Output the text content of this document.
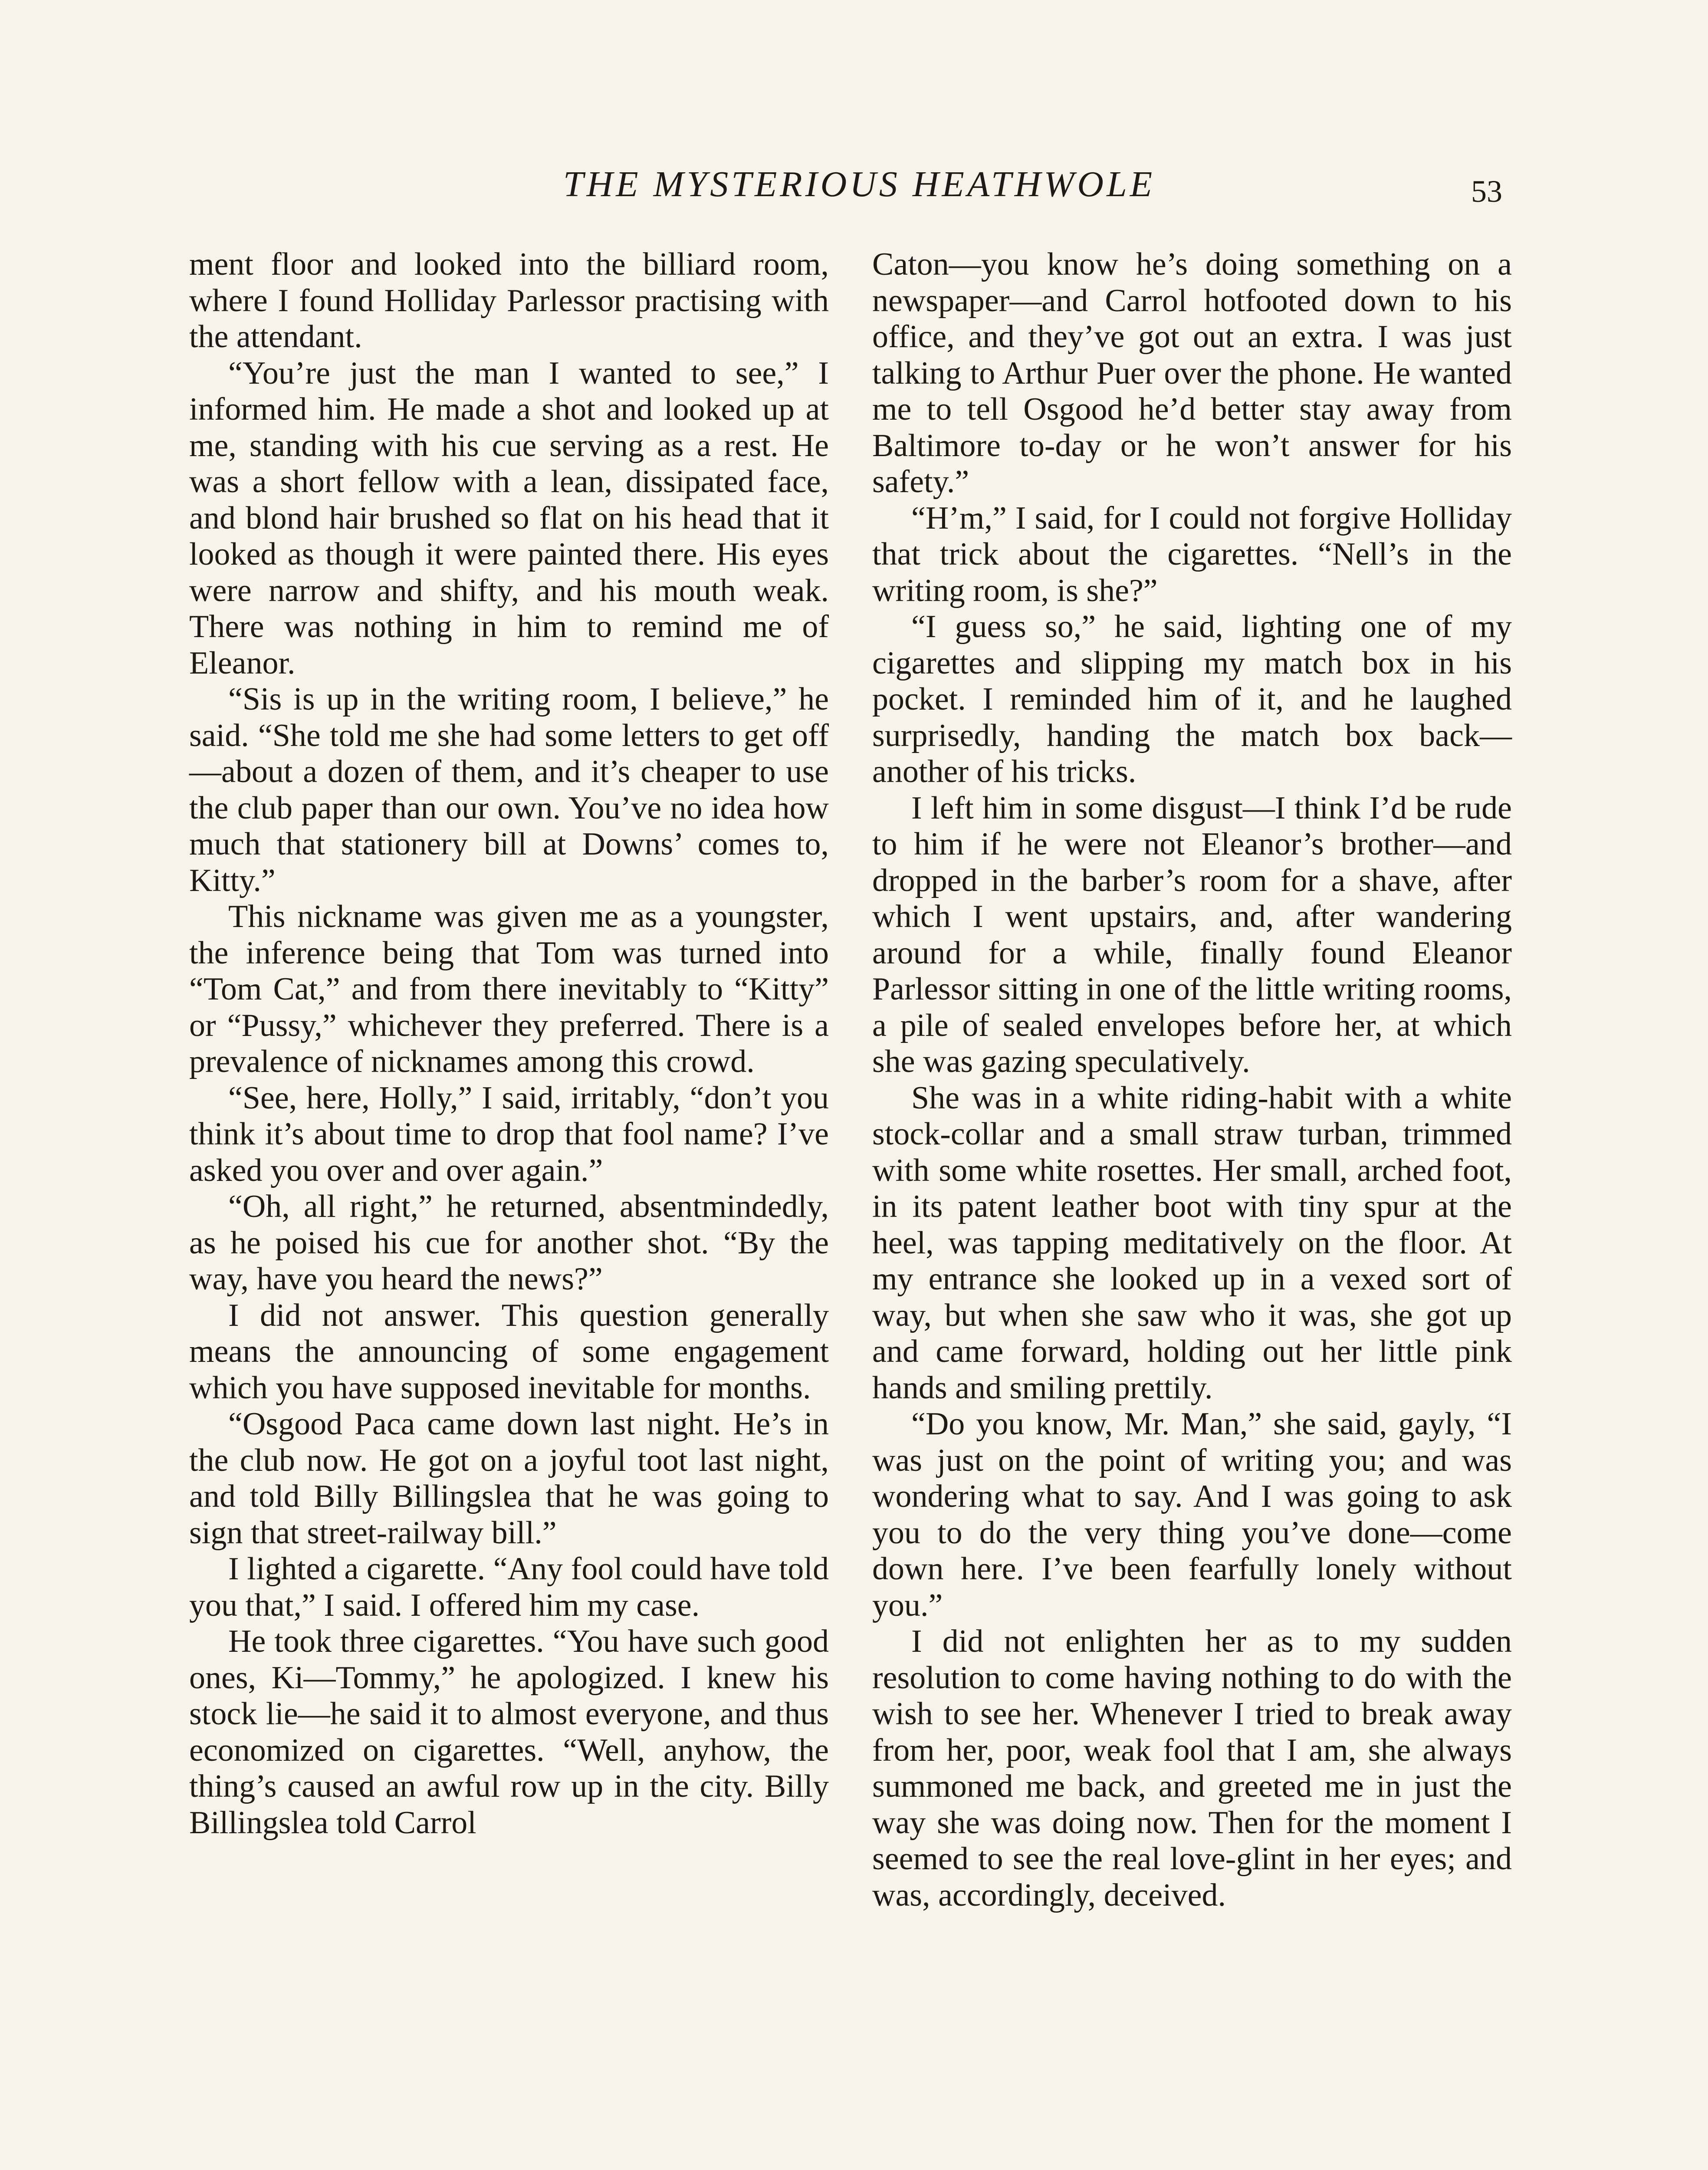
THE MYSTERIOUS HEATHWOLE	53

ment floor and looked into the billiard room, where I found Holliday Parlessor practising with the attendant.

“You’re just the man I wanted to see,” I informed him. He made a shot and looked up at me, standing with his cue serving as a rest. He was a short fellow with a lean, dissipated face, and blond hair brushed so flat on his head that it looked as though it were painted there. His eyes were narrow and shifty, and his mouth weak. There was nothing in him to remind me of Eleanor.

“Sis is up in the writing room, I believe,” he said. “She told me she had some letters to get off—about a dozen of them, and it’s cheaper to use the club paper than our own. You’ve no idea how much that stationery bill at Downs’ comes to, Kitty.”

This nickname was given me as a youngster, the inference being that Tom was turned into “Tom Cat,” and from there inevitably to “Kitty” or “Pussy,” whichever they preferred. There is a prevalence of nicknames among this crowd.

“See, here, Holly,” I said, irritably, “don’t you think it’s about time to drop that fool name? I’ve asked you over and over again.”

“Oh, all right,” he returned, absentmindedly, as he poised his cue for another shot. “By the way, have you heard the news?”

I did not answer. This question generally means the announcing of some engagement which you have supposed inevitable for months.

“Osgood Paca came down last night. He’s in the club now. He got on a joyful toot last night, and told Billy Billingslea that he was going to sign that street-railway bill.”

I lighted a cigarette. “Any fool could have told you that,” I said. I offered him my case.

He took three cigarettes. “You have such good ones, Ki—Tommy,” he apologized. I knew his stock lie—he said it to almost everyone, and thus economized on cigarettes. “Well, anyhow, the thing’s caused an awful row up in the city. Billy Billingslea told Carrol

Caton—you know he’s doing something on a newspaper—and Carrol hotfooted down to his office, and they’ve got out an extra. I was just talking to Arthur Puer over the phone. He wanted me to tell Osgood he’d better stay away from Baltimore to-day or he won’t answer for his safety.”

“H’m,” I said, for I could not forgive Holliday that trick about the cigarettes. “Nell’s in the writing room, is she?”

“I guess so,” he said, lighting one of my cigarettes and slipping my match box in his pocket. I reminded him of it, and he laughed surprisedly, handing the match box back—another of his tricks.

I left him in some disgust—I think I’d be rude to him if he were not Eleanor’s brother—and dropped in the barber’s room for a shave, after which I went upstairs, and, after wandering around for a while, finally found Eleanor Parlessor sitting in one of the little writing rooms, a pile of sealed envelopes before her, at which she was gazing speculatively.

She was in a white riding-habit with a white stock-collar and a small straw turban, trimmed with some white rosettes. Her small, arched foot, in its patent leather boot with tiny spur at the heel, was tapping meditatively on the floor. At my entrance she looked up in a vexed sort of way, but when she saw who it was, she got up and came forward, holding out her little pink hands and smiling prettily.

“Do you know, Mr. Man,” she said, gayly, “I was just on the point of writing you; and was wondering what to say. And I was going to ask you to do the very thing you’ve done—come down here. I’ve been fearfully lonely without you.”

I did not enlighten her as to my sudden resolution to come having nothing to do with the wish to see her. Whenever I tried to break away from her, poor, weak fool that I am, she always summoned me back, and greeted me in just the way she was doing now. Then for the moment I seemed to see the real love-glint in her eyes; and was, accordingly, deceived.
